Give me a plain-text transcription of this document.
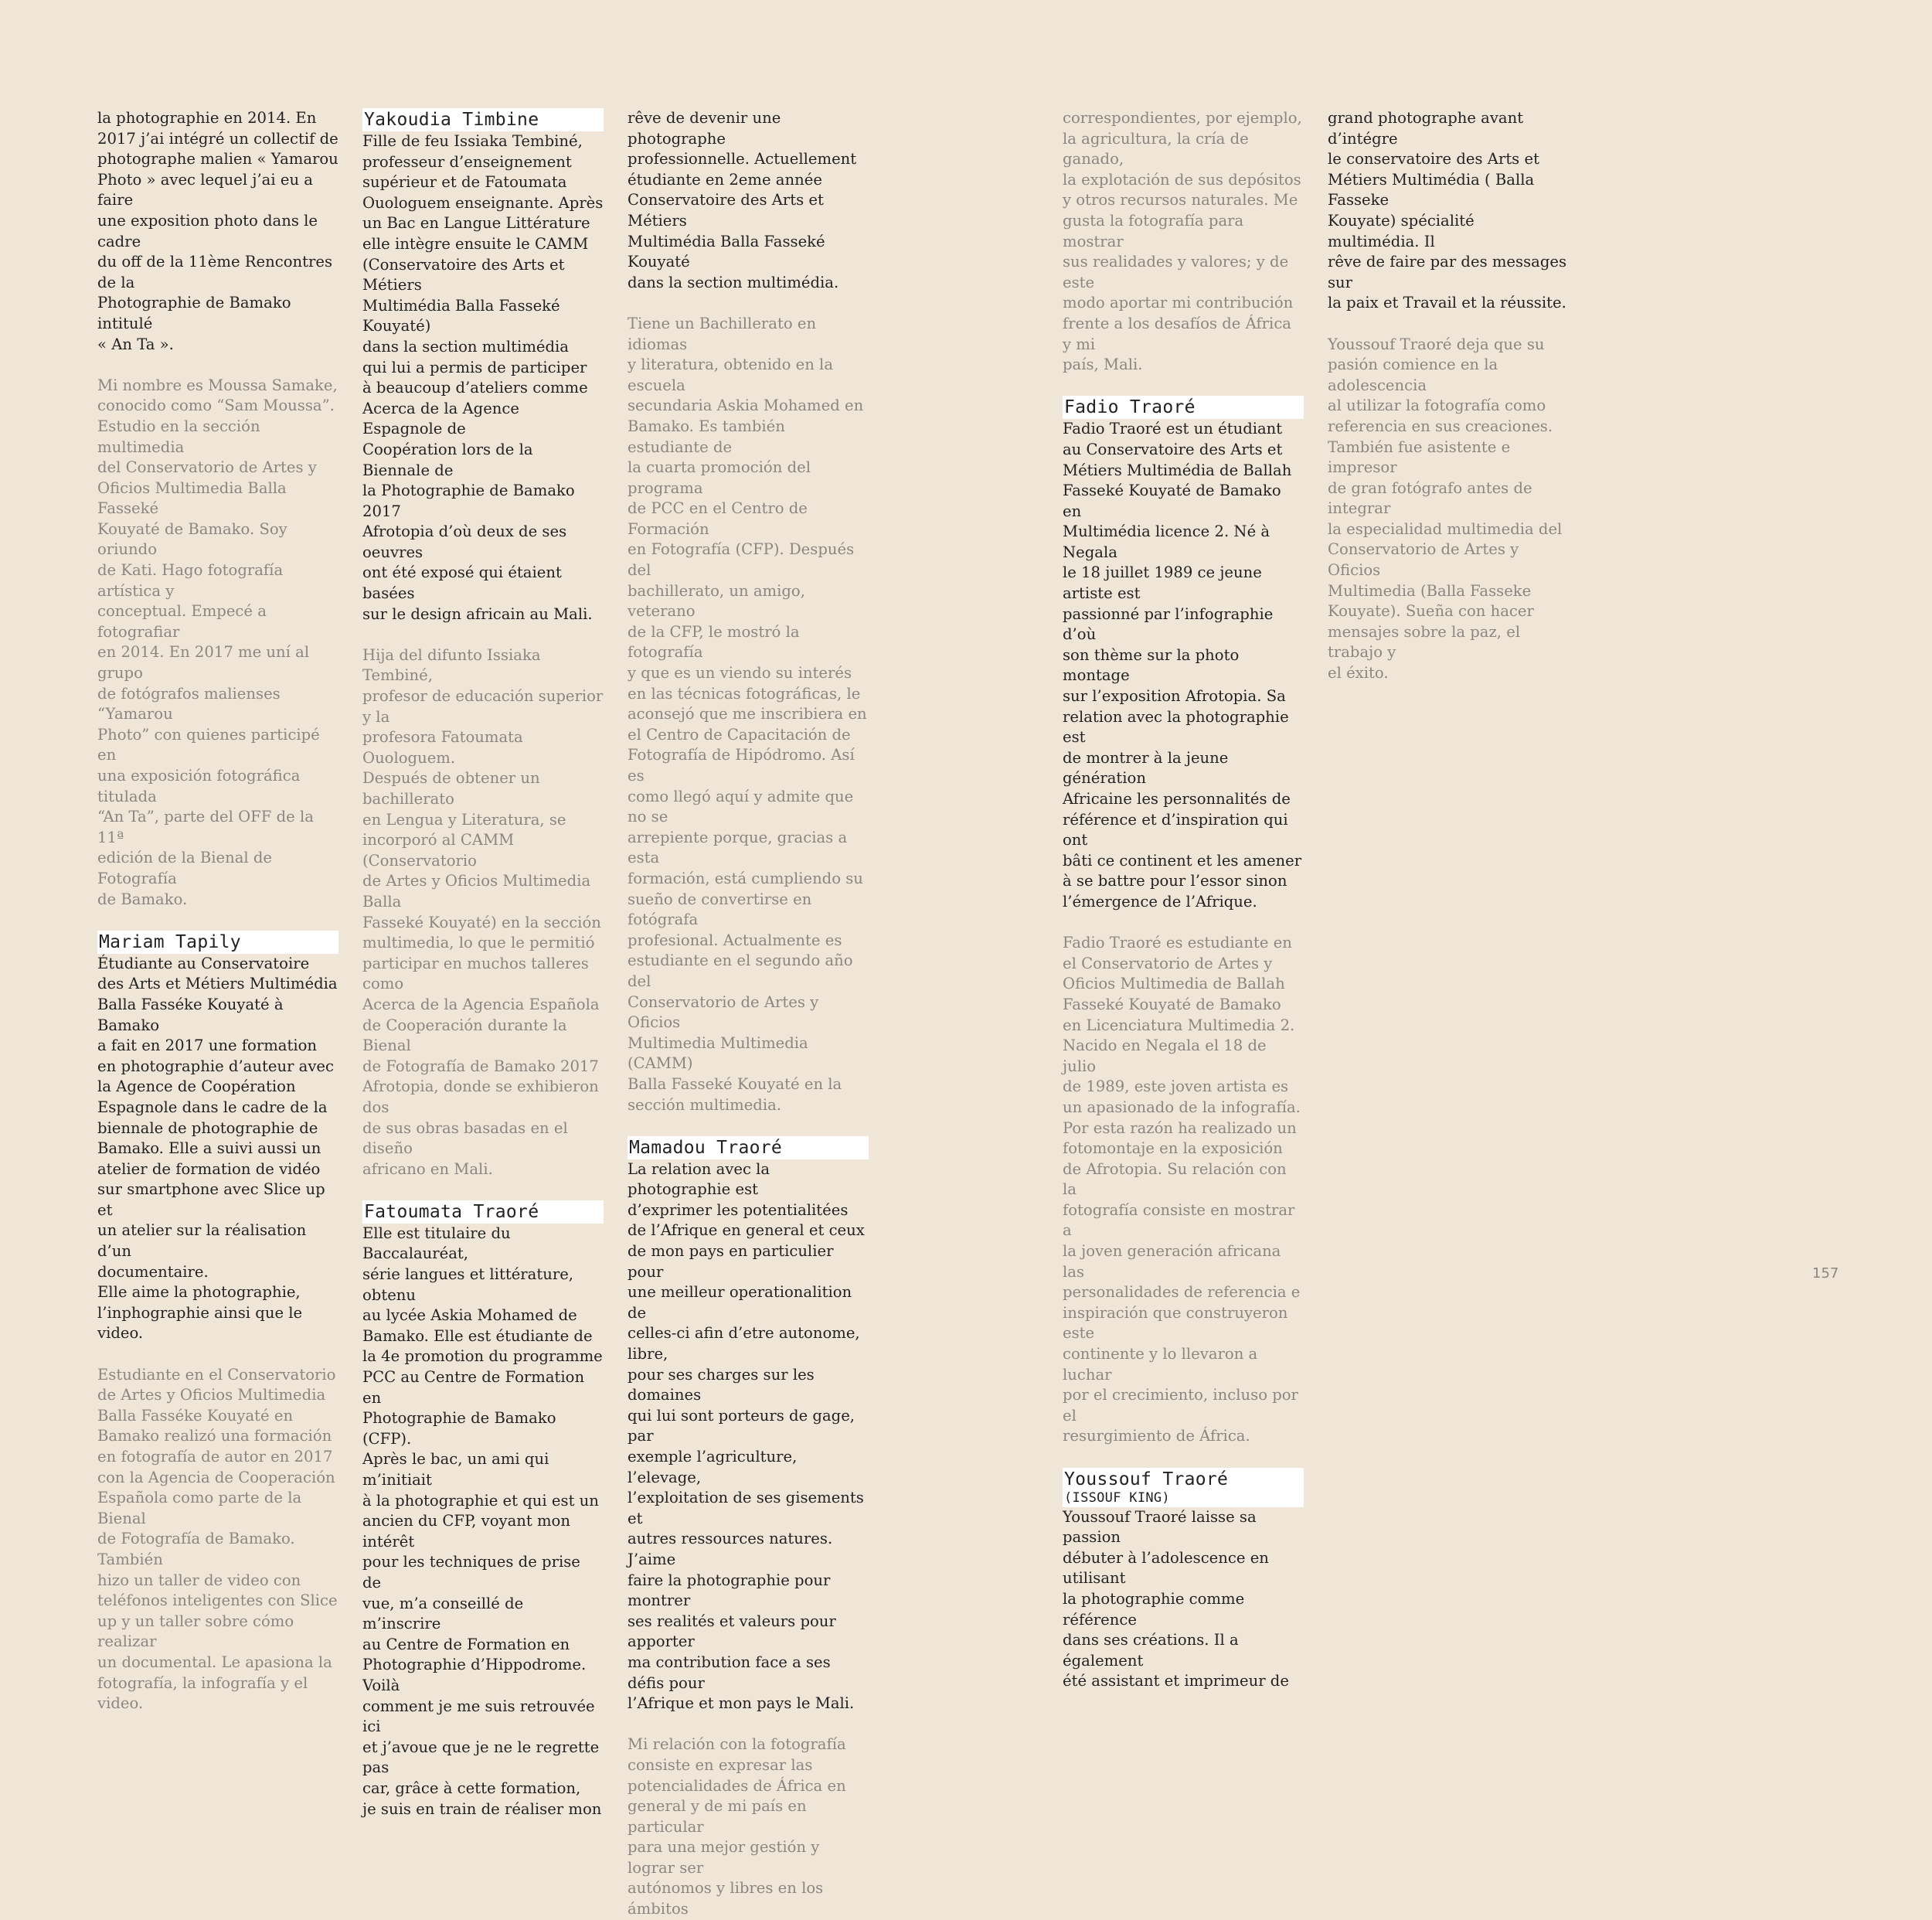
la photographie en 2014. En
2017 j’ai intégré un collectif de
photographe malien « Yamarou
Photo » avec lequel j’ai eu a faire
une exposition photo dans le cadre
du off de la 11ème Rencontres de la
Photographie de Bamako intitulé
« An Ta ».

Mi nombre es Moussa Samake,
conocido como “Sam Moussa”.
Estudio en la sección multimedia
del Conservatorio de Artes y
Oficios Multimedia Balla Fasseké
Kouyaté de Bamako. Soy oriundo
de Kati. Hago fotografía artística y
conceptual. Empecé a fotografiar
en 2014. En 2017 me uní al grupo
de fotógrafos malienses “Yamarou
Photo” con quienes participé en
una exposición fotográfica titulada
“An Ta”, parte del OFF de la 11ª
edición de la Bienal de Fotografía
de Bamako.

Mariam Tapily

Étudiante au Conservatoire
des Arts et Métiers Multimédia
Balla Fasséke Kouyaté à Bamako
a fait en 2017 une formation
en photographie d’auteur avec
la Agence de Coopération
Espagnole dans le cadre de la
biennale de photographie de
Bamako. Elle a suivi aussi un
atelier de formation de vidéo
sur smartphone avec Slice up et
un atelier sur la réalisation d’un
documentaire.
Elle aime la photographie,
l’inphographie ainsi que le video.

Estudiante en el Conservatorio
de Artes y Oficios Multimedia
Balla Fasséke Kouyaté en
Bamako realizó una formación
en fotografía de autor en 2017
con la Agencia de Cooperación
Española como parte de la Bienal
de Fotografía de Bamako. También
hizo un taller de video con
teléfonos inteligentes con Slice
up y un taller sobre cómo realizar
un documental. Le apasiona la
fotografía, la infografía y el video.

Yakoudia Timbine

Fille de feu Issiaka Tembiné,
professeur d’enseignement
supérieur et de Fatoumata
Ouologuem enseignante. Après
un Bac en Langue Littérature
elle intègre ensuite le CAMM
(Conservatoire des Arts et Métiers
Multimédia Balla Fasseké Kouyaté)
dans la section multimédia
qui lui a permis de participer
à beaucoup d’ateliers comme
Acerca de la Agence Espagnole de
Coopération lors de la Biennale de
la Photographie de Bamako 2017
Afrotopia d’où deux de ses oeuvres
ont été exposé qui étaient basées
sur le design africain au Mali.

Hija del difunto Issiaka Tembiné,
profesor de educación superior y la
profesora Fatoumata Ouologuem.
Después de obtener un bachillerato
en Lengua y Literatura, se
incorporó al CAMM (Conservatorio
de Artes y Oficios Multimedia Balla
Fasseké Kouyaté) en la sección
multimedia, lo que le permitió
participar en muchos talleres como
Acerca de la Agencia Española
de Cooperación durante la Bienal
de Fotografía de Bamako 2017
Afrotopia, donde se exhibieron dos
de sus obras basadas en el diseño
africano en Mali.

Fatoumata Traoré

Elle est titulaire du Baccalauréat,
série langues et littérature, obtenu
au lycée Askia Mohamed de
Bamako. Elle est étudiante de
la 4e promotion du programme
PCC au Centre de Formation en
Photographie de Bamako (CFP).
Après le bac, un ami qui m’initiait
à la photographie et qui est un
ancien du CFP, voyant mon intérêt
pour les techniques de prise de
vue, m’a conseillé de m’inscrire
au Centre de Formation en
Photographie d’Hippodrome. Voilà
comment je me suis retrouvée ici
et j’avoue que je ne le regrette pas
car, grâce à cette formation,
je suis en train de réaliser mon

rêve de devenir une photographe
professionnelle. Actuellement
étudiante en 2eme année
Conservatoire des Arts et Métiers
Multimédia Balla Fasseké Kouyaté
dans la section multimédia.

Tiene un Bachillerato en idiomas
y literatura, obtenido en la escuela
secundaria Askia Mohamed en
Bamako. Es también estudiante de
la cuarta promoción del programa
de PCC en el Centro de Formación
en Fotografía (CFP). Después del
bachillerato, un amigo, veterano
de la CFP, le mostró la fotografía
y que es un viendo su interés
en las técnicas fotográficas, le
aconsejó que me inscribiera en
el Centro de Capacitación de
Fotografía de Hipódromo. Así es
como llegó aquí y admite que no se
arrepiente porque, gracias a esta
formación, está cumpliendo su
sueño de convertirse en fotógrafa
profesional. Actualmente es
estudiante en el segundo año del
Conservatorio de Artes y Oficios
Multimedia Multimedia (CAMM)
Balla Fasseké Kouyaté en la
sección multimedia.

Mamadou Traoré

La relation avec la photographie est
d’exprimer les potentialitées
de l’Afrique en general et ceux
de mon pays en particulier pour
une meilleur operationalition de
celles-ci afin d’etre autonome, libre,
pour ses charges sur les domaines
qui lui sont porteurs de gage, par
exemple l’agriculture, l’elevage,
l’exploitation de ses gisements et
autres ressources natures. J’aime
faire la photographie pour montrer
ses realités et valeurs pour apporter
ma contribution face a ses défis pour
l’Afrique et mon pays le Mali.

Mi relación con la fotografía
consiste en expresar las
potencialidades de África en
general y de mi país en particular
para una mejor gestión y lograr ser
autónomos y libres en los ámbitos

correspondientes, por ejemplo,
la agricultura, la cría de ganado,
la explotación de sus depósitos
y otros recursos naturales. Me
gusta la fotografía para mostrar
sus realidades y valores; y de este
modo aportar mi contribución
frente a los desafíos de África y mi
país, Mali.

Fadio Traoré

Fadio Traoré est un étudiant
au Conservatoire des Arts et
Métiers Multimédia de Ballah
Fasseké Kouyaté de Bamako en
Multimédia licence 2. Né à Negala
le 18 juillet 1989 ce jeune artiste est
passionné par l’infographie d’où
son thème sur la photo montage
sur l’exposition Afrotopia. Sa
relation avec la photographie est
de montrer à la jeune génération
Africaine les personnalités de
référence et d’inspiration qui ont
bâti ce continent et les amener
à se battre pour l’essor sinon
l’émergence de l’Afrique.

Fadio Traoré es estudiante en
el Conservatorio de Artes y
Oficios Multimedia de Ballah
Fasseké Kouyaté de Bamako
en Licenciatura Multimedia 2.
Nacido en Negala el 18 de julio
de 1989, este joven artista es
un apasionado de la infografía.
Por esta razón ha realizado un
fotomontaje en la exposición
de Afrotopia. Su relación con la
fotografía consiste en mostrar a
la joven generación africana las
personalidades de referencia e
inspiración que construyeron este
continente y lo llevaron a luchar
por el crecimiento, incluso por el
resurgimiento de África.

Youssouf Traoré
(ISSOUF KING)

Youssouf Traoré laisse sa passion
débuter à l’adolescence en utilisant
la photographie comme référence
dans ses créations. Il a également
été assistant et imprimeur de

grand photographe avant d’intégre
le conservatoire des Arts et
Métiers Multimédia ( Balla Fasseke
Kouyate) spécialité multimédia. Il
rêve de faire par des messages sur
la paix et Travail et la réussite.

Youssouf Traoré deja que su
pasión comience en la adolescencia
al utilizar la fotografía como
referencia en sus creaciones.
También fue asistente e impresor
de gran fotógrafo antes de integrar
la especialidad multimedia del
Conservatorio de Artes y Oficios
Multimedia (Balla Fasseke
Kouyate). Sueña con hacer
mensajes sobre la paz, el trabajo y
el éxito.

157
